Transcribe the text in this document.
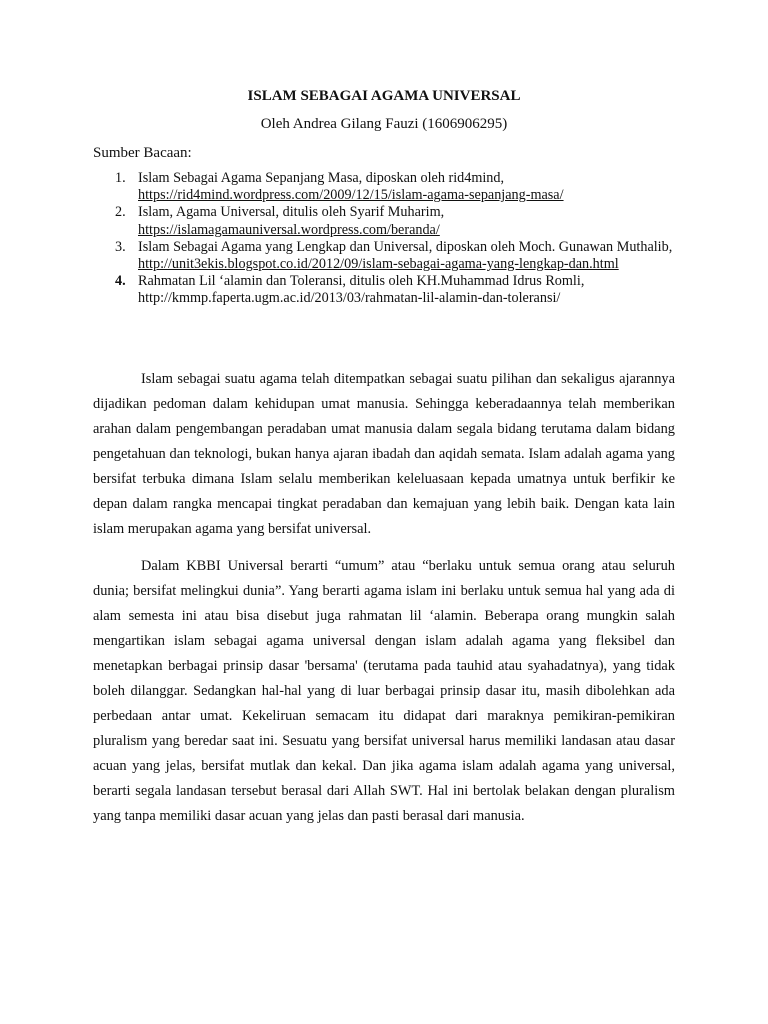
ISLAM SEBAGAI AGAMA UNIVERSAL
Oleh Andrea Gilang Fauzi (1606906295)
Sumber Bacaan:
1. Islam Sebagai Agama Sepanjang Masa, diposkan oleh rid4mind, https://rid4mind.wordpress.com/2009/12/15/islam-agama-sepanjang-masa/
2. Islam, Agama Universal, ditulis oleh Syarif Muharim, https://islamagamauniversal.wordpress.com/beranda/
3. Islam Sebagai Agama yang Lengkap dan Universal, diposkan oleh Moch. Gunawan Muthalib, http://unit3ekis.blogspot.co.id/2012/09/islam-sebagai-agama-yang-lengkap-dan.html
4. Rahmatan Lil ‘alamin dan Toleransi, ditulis oleh KH.Muhammad Idrus Romli, http://kmmp.faperta.ugm.ac.id/2013/03/rahmatan-lil-alamin-dan-toleransi/

Islam sebagai suatu agama telah ditempatkan sebagai suatu pilihan dan sekaligus ajarannya dijadikan pedoman dalam kehidupan umat manusia. Sehingga keberadaannya telah memberikan arahan dalam pengembangan peradaban umat manusia dalam segala bidang terutama dalam bidang pengetahuan dan teknologi, bukan hanya ajaran ibadah dan aqidah semata. Islam adalah agama yang bersifat terbuka dimana Islam selalu memberikan keleluasaan kepada umatnya untuk berfikir ke depan dalam rangka mencapai tingkat peradaban dan kemajuan yang lebih baik. Dengan kata lain islam merupakan agama yang bersifat universal.

Dalam KBBI Universal berarti “umum” atau “berlaku untuk semua orang atau seluruh dunia; bersifat melingkui dunia”. Yang berarti agama islam ini berlaku untuk semua hal yang ada di alam semesta ini atau bisa disebut juga rahmatan lil ‘alamin. Beberapa orang mungkin salah mengartikan islam sebagai agama universal dengan islam adalah agama yang fleksibel dan menetapkan berbagai prinsip dasar 'bersama' (terutama pada tauhid atau syahadatnya), yang tidak boleh dilanggar. Sedangkan hal-hal yang di luar berbagai prinsip dasar itu, masih dibolehkan ada perbedaan antar umat. Kekeliruan semacam itu didapat dari maraknya pemikiran-pemikiran pluralism yang beredar saat ini. Sesuatu yang bersifat universal harus memiliki landasan atau dasar acuan yang jelas, bersifat mutlak dan kekal. Dan jika agama islam adalah agama yang universal, berarti segala landasan tersebut berasal dari Allah SWT. Hal ini bertolak belakan dengan pluralism yang tanpa memiliki dasar acuan yang jelas dan pasti berasal dari manusia.
